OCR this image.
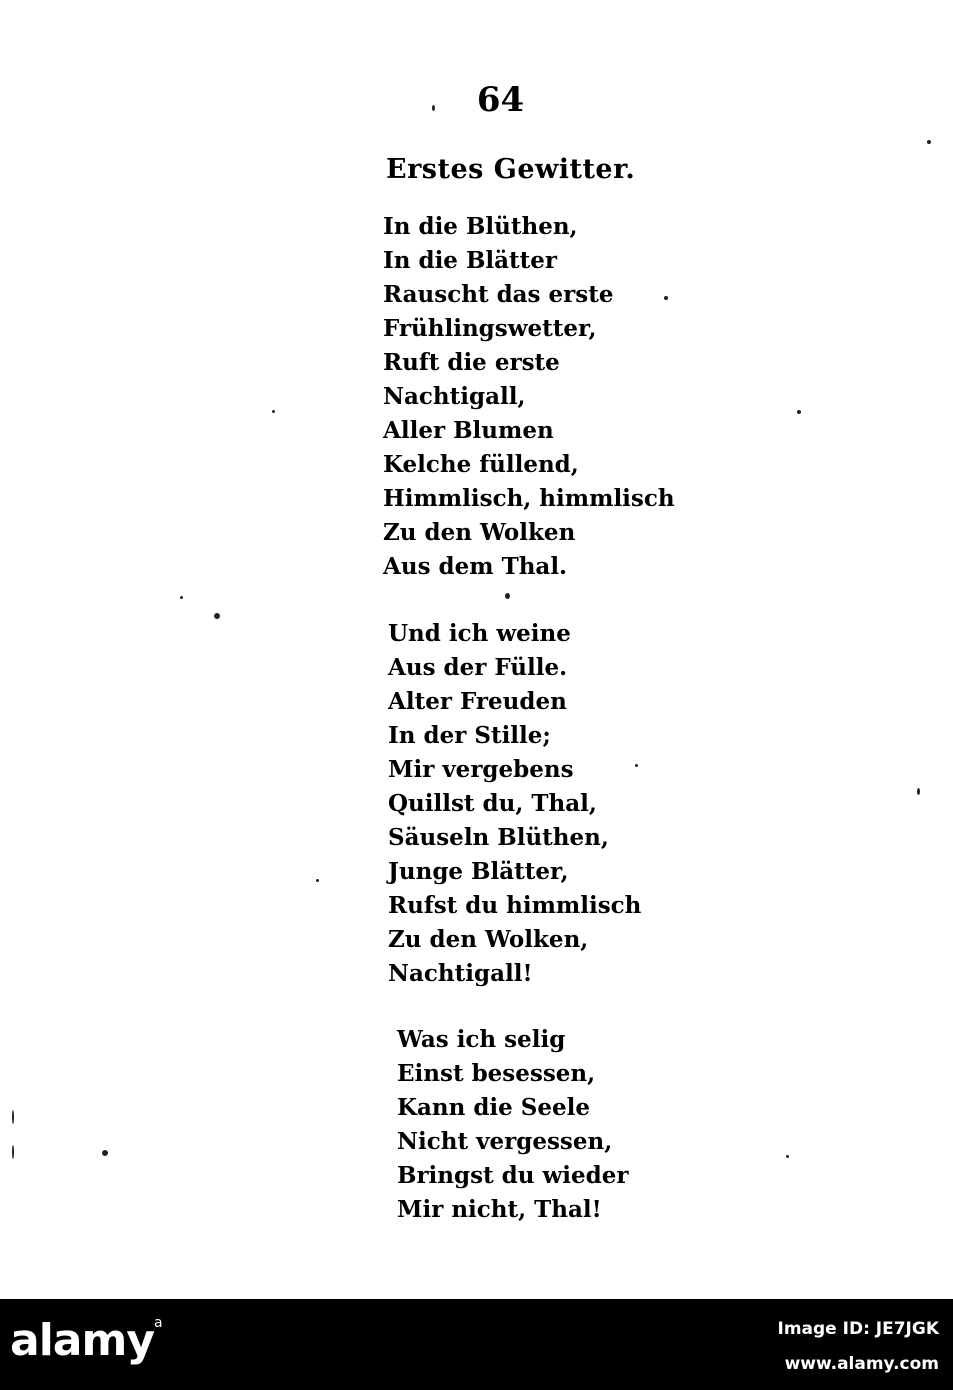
64
Erstes Gewitter.
In die Blüthen,
In die Blätter
Rauscht das erste
Frühlingswetter,
Ruft die erste
Nachtigall,
Aller Blumen
Kelche füllend,
Himmlisch, himmlisch
Zu den Wolken
Aus dem Thal.
Und ich weine
Aus der Fülle.
Alter Freuden
In der Stille;
Mir vergebens
Quillst du, Thal,
Säuseln Blüthen,
Junge Blätter,
Rufst du himmlisch
Zu den Wolken,
Nachtigall!
Was ich selig
Einst besessen,
Kann die Seele
Nicht vergessen,
Bringst du wieder
Mir nicht, Thal!
alamy$^a$	Image ID: JE7JGK
www.alamy.com
